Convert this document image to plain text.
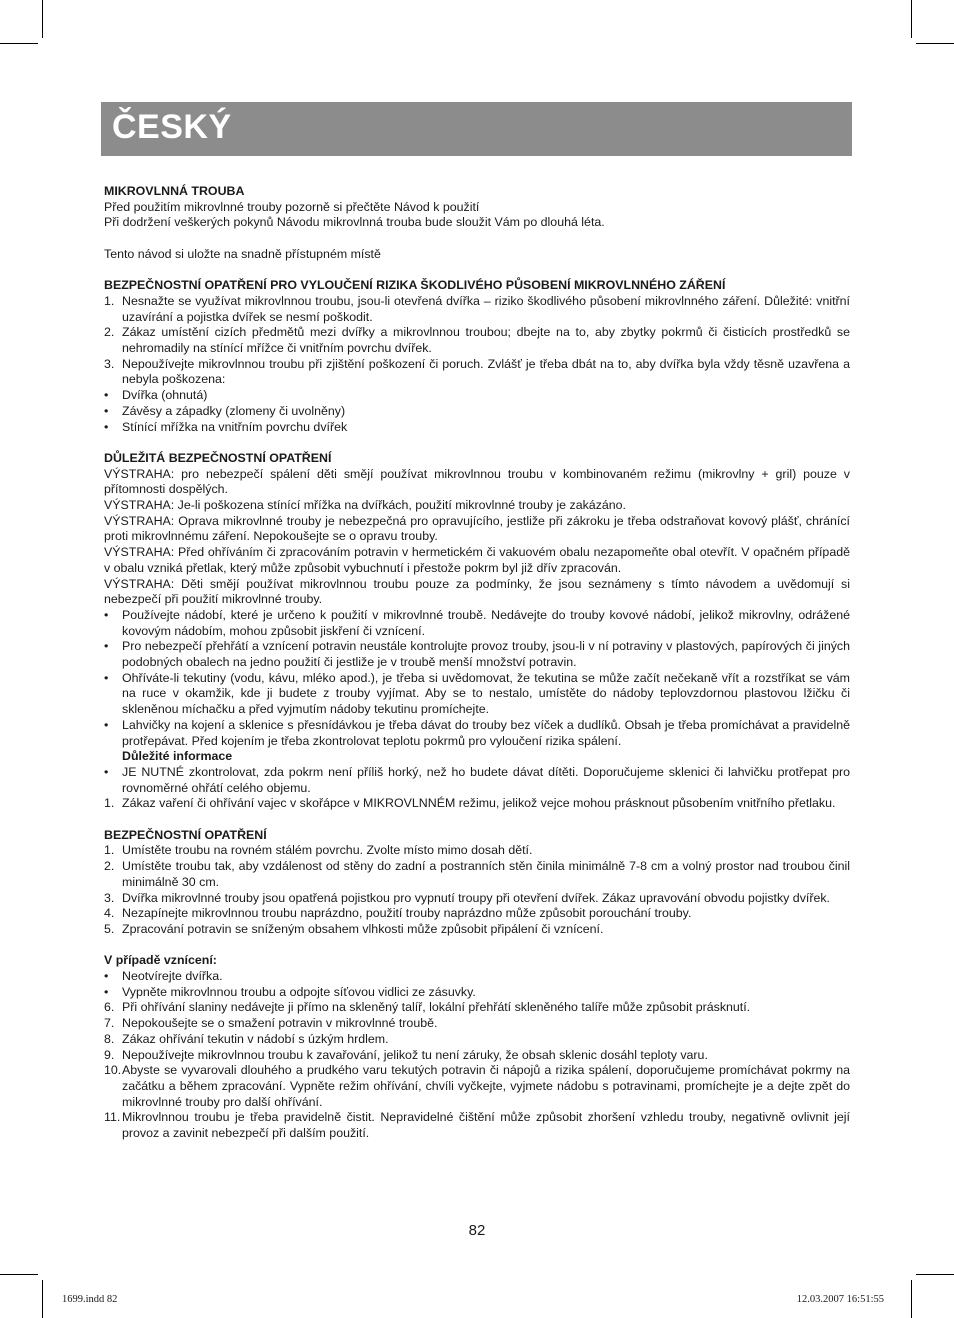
ČESKÝ

MIKROVLNNÁ TROUBA

Před použitím mikrovlnné trouby pozorně si přečtěte Návod k použití

Při dodržení veškerých pokynů Návodu mikrovlnná trouba bude sloužit Vám po dlouhá léta.

Tento návod si uložte na snadně přístupném místě

BEZPEČNOSTNÍ OPATŘENÍ PRO VYLOUČENÍ RIZIKA ŠKODLIVÉHO PŮSOBENÍ MIKROVLNNÉHO ZÁŘENÍ

1. Nesnažte se využívat mikrovlnnou troubu, jsou-li otevřená dvířka – riziko škodlivého působení mikrovlnného záření. Důležité: vnitřní uzavírání a pojistka dvířek se nesmí poškodit.
2. Zákaz umístění cizích předmětů mezi dvířky a mikrovlnnou troubou; dbejte na to, aby zbytky pokrmů či čisticích prostředků se nehromadily na stínící mřížce či vnitřním povrchu dvířek.
3. Nepoužívejte mikrovlnnou troubu při zjištění poškození či poruch. Zvlášť je třeba dbát na to, aby dvířka byla vždy těsně uzavřena a nebyla poškozena:
•	Dvířka (ohnutá)
•	Závěsy a západky (zlomeny či uvolněny)
•	Stínící mřížka na vnitřním povrchu dvířek

DŮLEŽITÁ BEZPEČNOSTNÍ OPATŘENÍ

VÝSTRAHA: pro nebezpečí spálení děti smějí používat mikrovlnnou troubu v kombinovaném režimu (mikrovlny + gril) pouze v přítomnosti dospělých.

VÝSTRAHA: Je-li poškozena stínící mřížka na dvířkách, použití mikrovlnné trouby je zakázáno.

VÝSTRAHA: Oprava mikrovlnné trouby je nebezpečná pro opravujícího, jestliže při zákroku je třeba odstraňovat kovový plášť, chránící proti mikrovlnnému záření. Nepokoušejte se o opravu trouby.

VÝSTRAHA: Před ohříváním či zpracováním potravin v hermetickém či vakuovém obalu nezapomeňte obal otevřít. V opačném případě v obalu vzniká přetlak, který může způsobit vybuchnutí i přestože pokrm byl již dřív zpracován.

VÝSTRAHA: Děti smějí používat mikrovlnnou troubu pouze za podmínky, že jsou seznámeny s tímto návodem a uvědomují si nebezpečí při použití mikrovlnné trouby.

•	Používejte nádobí, které je určeno k použití v mikrovlnné troubě. Nedávejte do trouby kovové nádobí, jelikož mikrovlny, odrážené kovovým nádobím, mohou způsobit jiskření či vznícení.
•	Pro nebezpečí přehřátí a vznícení potravin neustále kontrolujte provoz trouby, jsou-li v ní potraviny v plastových, papírových či jiných podobných obalech na jedno použití či jestliže je v troubě menší množství potravin.
•	Ohříváte-li tekutiny (vodu, kávu, mléko apod.), je třeba si uvědomovat, že tekutina se může začít nečekaně vřít a rozstříkat se vám na ruce v okamžik, kde ji budete z trouby vyjímat. Aby se to nestalo, umístěte do nádoby teplovzdornou plastovou lžičku či skleněnou míchačku a před vyjmutím nádoby tekutinu promíchejte.
•	Lahvičky na kojení a sklenice s přesnídávkou je třeba dávat do trouby bez víček a dudlíků. Obsah je třeba promíchávat a pravidelně protřepávat. Před kojením je třeba zkontrolovat teplotu pokrmů pro vyloučení rizika spálení.

Důležité informace

•	JE NUTNÉ zkontrolovat, zda pokrm není příliš horký, než ho budete dávat dítěti. Doporučujeme sklenici či lahvičku protřepat pro rovnoměrné ohřátí celého objemu.
1. Zákaz vaření či ohřívání vajec v skořápce v MIKROVLNNÉM režimu, jelikož vejce mohou prásknout působením vnitřního přetlaku.

BEZPEČNOSTNÍ OPATŘENÍ

1. Umístěte troubu na rovném stálém povrchu. Zvolte místo mimo dosah dětí.
2. Umístěte troubu tak, aby vzdálenost od stěny do zadní a postranních stěn činila minimálně 7-8 cm a volný prostor nad troubou činil minimálně 30 cm.
3. Dvířka mikrovlnné trouby jsou opatřená pojistkou pro vypnutí troupy při otevření dvířek. Zákaz upravování obvodu pojistky dvířek.
4. Nezapínejte mikrovlnnou troubu naprázdno, použití trouby naprázdno může způsobit porouchání trouby.
5. Zpracování potravin se sníženým obsahem vlhkosti může způsobit připálení či vznícení.

V případě vznícení:

•	Neotvírejte dvířka.
•	Vypněte mikrovlnnou troubu a odpojte síťovou vidlici ze zásuvky.
6. Při ohřívání slaniny nedávejte ji přímo na skleněný talíř, lokální přehřátí skleněného talíře může způsobit prásknutí.
7. Nepokoušejte se o smažení potravin v mikrovlnné troubě.
8. Zákaz ohřívání tekutin v nádobí s úzkým hrdlem.
9. Nepoužívejte mikrovlnnou troubu k zavařování, jelikož tu není záruky, že obsah sklenic dosáhl teploty varu.
10. Abyste se vyvarovali dlouhého a prudkého varu tekutých potravin či nápojů a rizika spálení, doporučujeme promíchávat pokrmy na začátku a během zpracování. Vypněte režim ohřívání, chvíli vyčkejte, vyjmete nádobu s potravinami, promíchejte je a dejte zpět do mikrovlnné trouby pro další ohřívání.
11. Mikrovlnnou troubu je třeba pravidelně čistit. Nepravidelné čištění může způsobit zhoršení vzhledu trouby, negativně ovlivnit její provoz a zavinit nebezpečí při dalším použití.
82
1699.indd 82	12.03.2007 16:51:55
